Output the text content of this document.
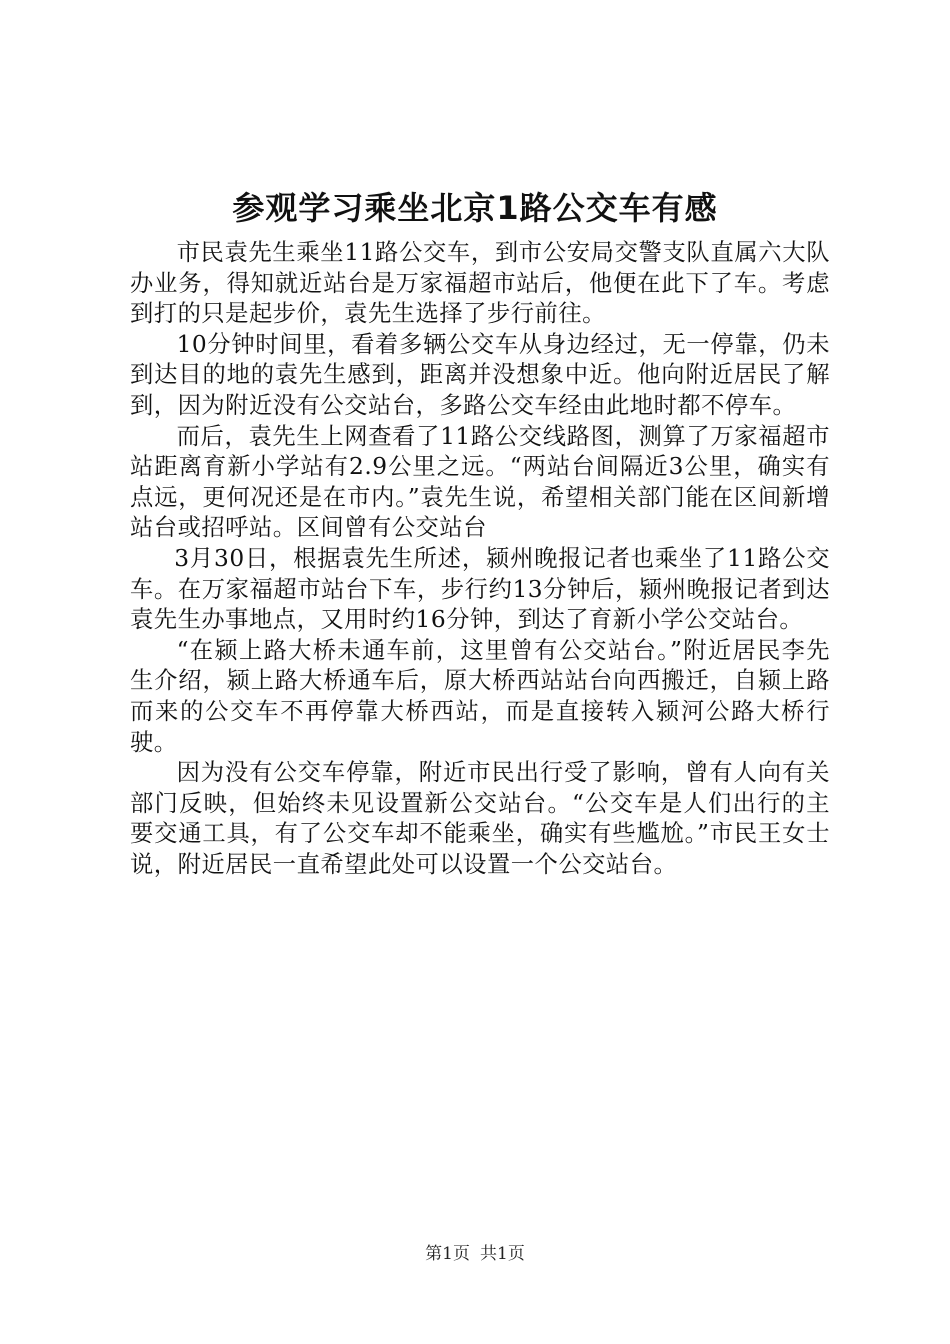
参观学习乘坐北京1路公交车有感

市民袁先生乘坐11路公交车，到市公安局交警支队直属六大队办业务，得知就近站台是万家福超市站后，他便在此下了车。考虑到打的只是起步价，袁先生选择了步行前往。

10分钟时间里，看着多辆公交车从身边经过，无一停靠，仍未到达目的地的袁先生感到，距离并没想象中近。他向附近居民了解到，因为附近没有公交站台，多路公交车经由此地时都不停车。

而后，袁先生上网查看了11路公交线路图，测算了万家福超市站距离育新小学站有2.9公里之远。“两站台间隔近3公里，确实有点远，更何况还是在市内。”袁先生说，希望相关部门能在区间新增站台或招呼站。区间曾有公交站台

3月30日，根据袁先生所述，颍州晚报记者也乘坐了11路公交车。在万家福超市站台下车，步行约13分钟后，颍州晚报记者到达袁先生办事地点，又用时约16分钟，到达了育新小学公交站台。

“在颍上路大桥未通车前，这里曾有公交站台。”附近居民李先生介绍，颍上路大桥通车后，原大桥西站站台向西搬迁，自颍上路而来的公交车不再停靠大桥西站，而是直接转入颍河公路大桥行驶。

因为没有公交车停靠，附近市民出行受了影响，曾有人向有关部门反映，但始终未见设置新公交站台。“公交车是人们出行的主要交通工具，有了公交车却不能乘坐，确实有些尴尬。”市民王女士说，附近居民一直希望此处可以设置一个公交站台。

第1页 共1页
